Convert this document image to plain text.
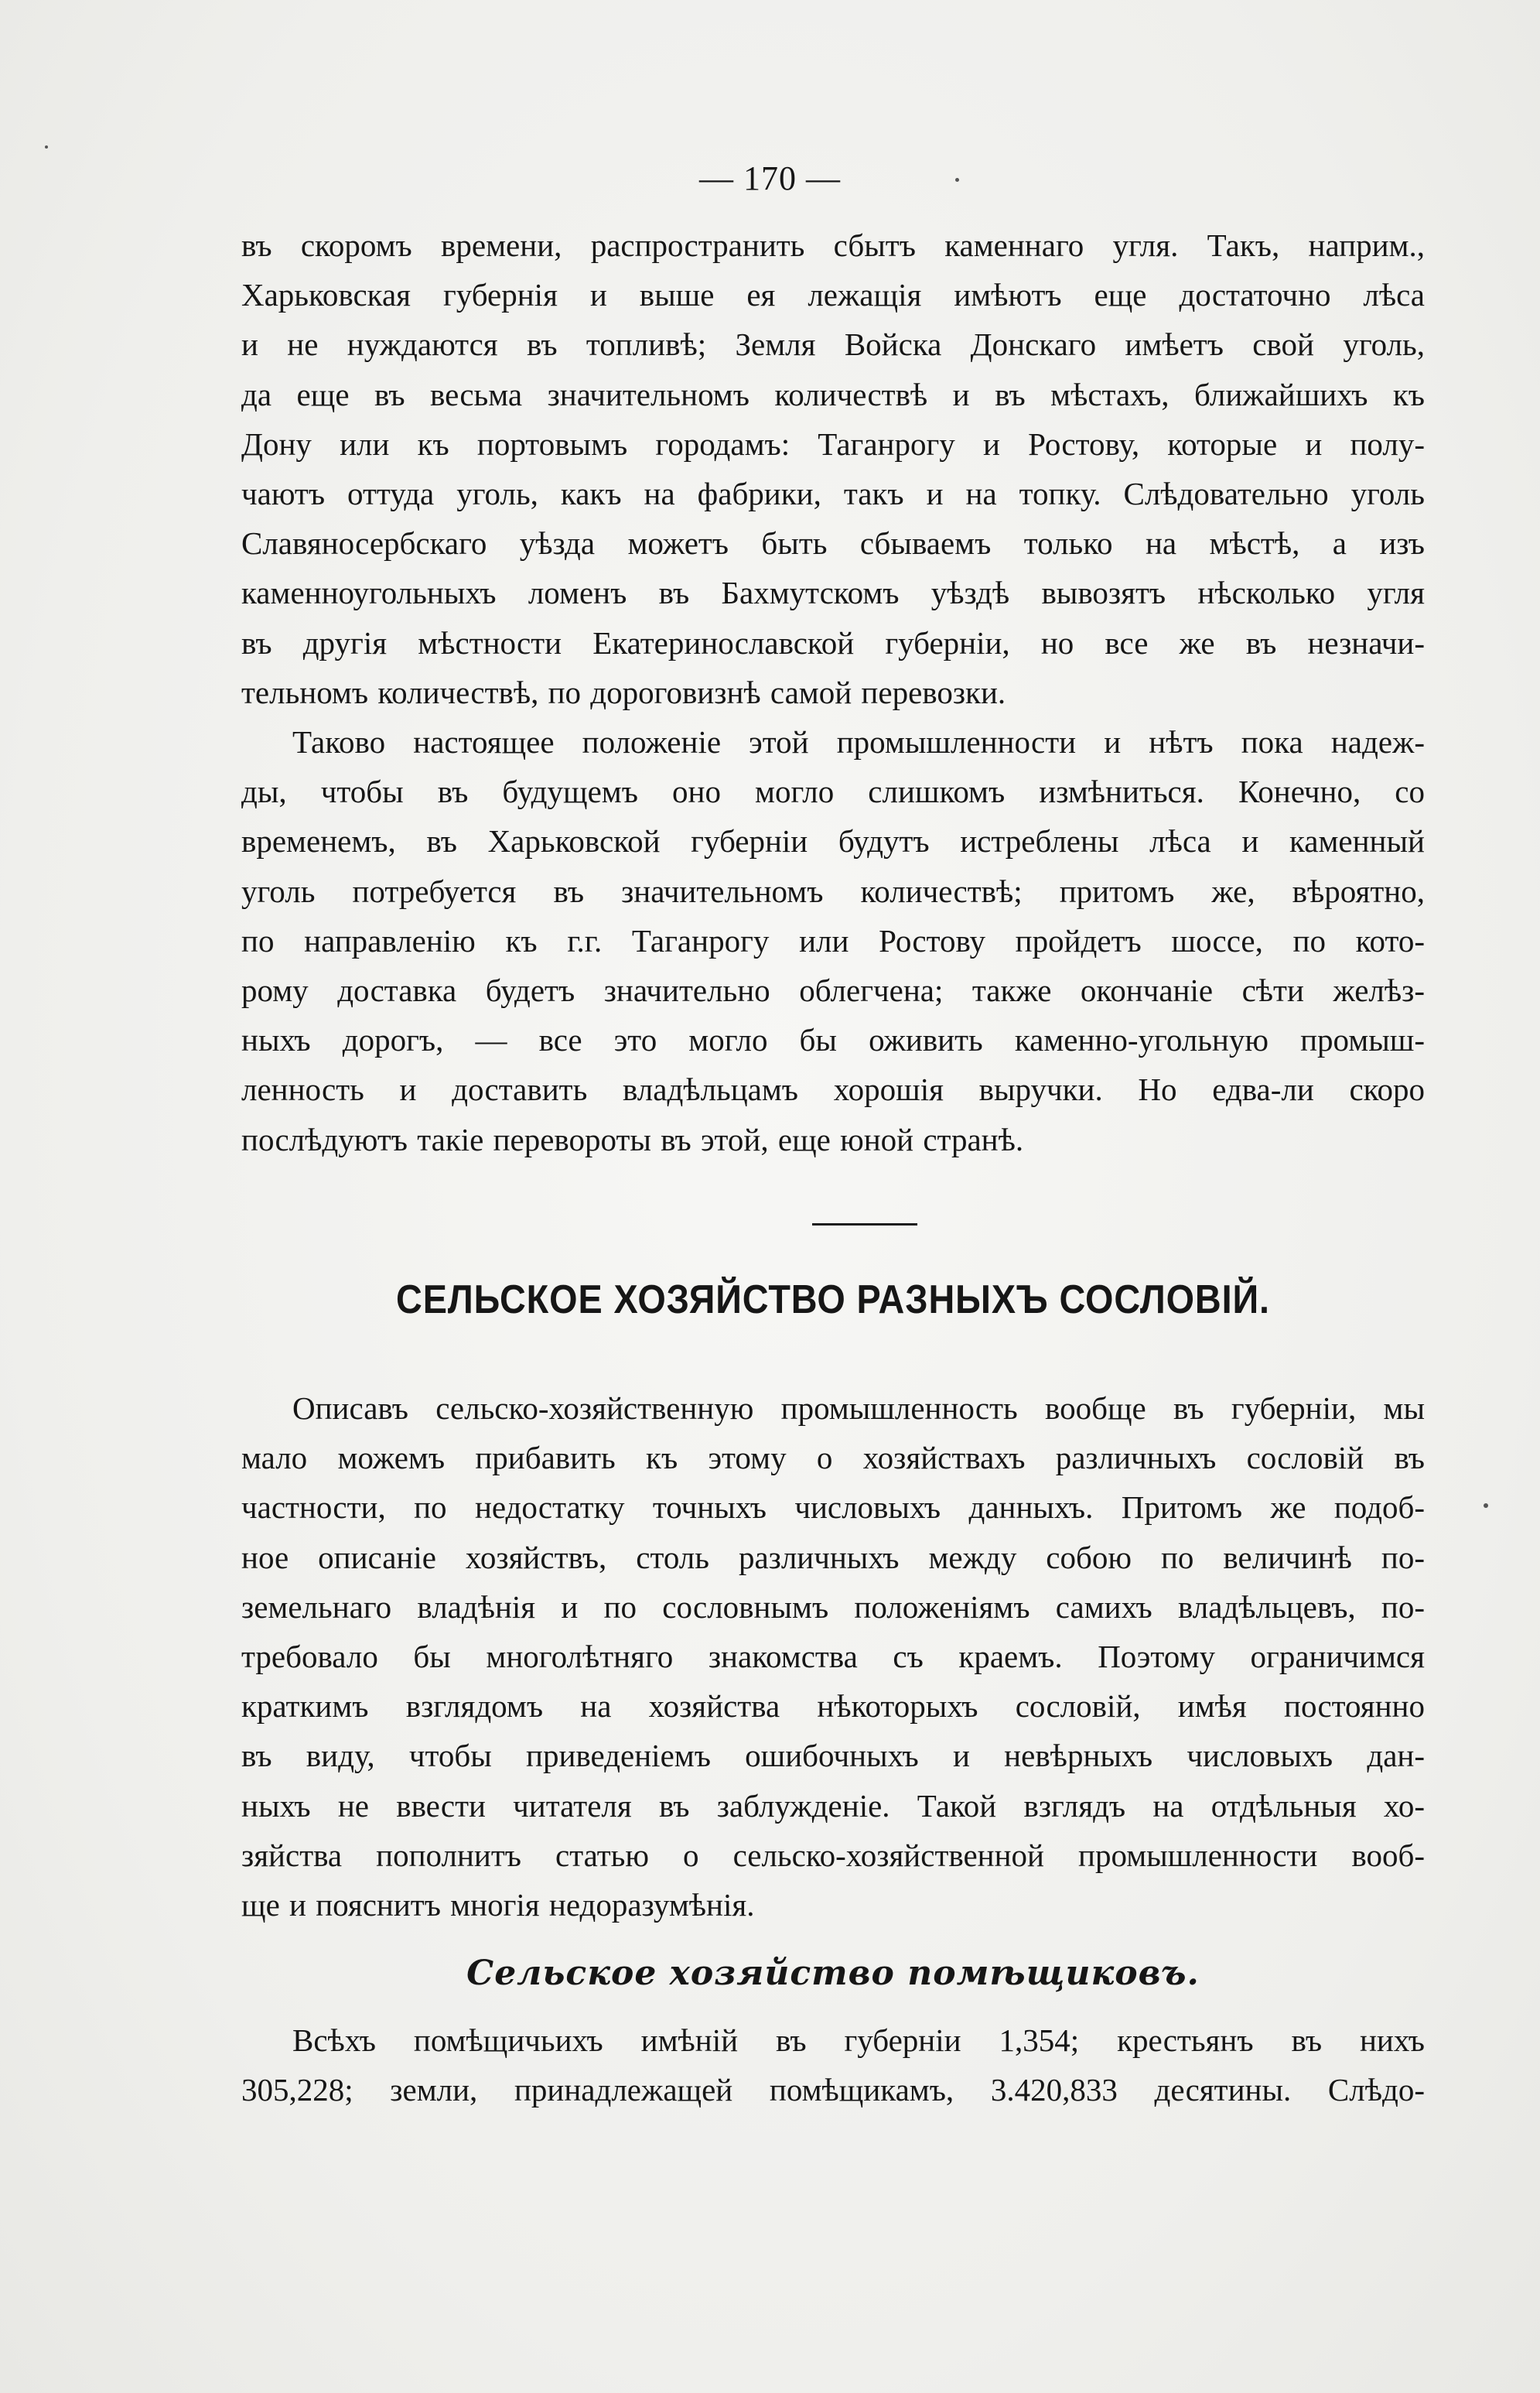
— 170 —

въ скоромъ времени, распространить сбытъ каменнаго угля. Такъ, наприм.,

Харьковская губернія и выше ея лежащія имѣютъ еще достаточно лѣса

и не нуждаются въ топливѣ; Земля Войска Донскаго имѣетъ свой уголь,

да еще въ весьма значительномъ количествѣ и въ мѣстахъ, ближайшихъ къ

Дону или къ портовымъ городамъ: Таганрогу и Ростову, которые и полу-

чаютъ оттуда уголь, какъ на фабрики, такъ и на топку. Слѣдовательно уголь

Славяносербскаго уѣзда можетъ быть сбываемъ только на мѣстѣ, а изъ

каменноугольныхъ ломенъ въ Бахмутскомъ уѣздѣ вывозятъ нѣсколько угля

въ другія мѣстности Екатеринославской губерніи, но все же въ незначи-

тельномъ количествѣ, по дороговизнѣ самой перевозки.

Таково настоящее положеніе этой промышленности и нѣтъ пока надеж-

ды, чтобы въ будущемъ оно могло слишкомъ измѣниться. Конечно, со

временемъ, въ Харьковской губерніи будутъ истреблены лѣса и каменный

уголь потребуется въ значительномъ количествѣ; притомъ же, вѣроятно,

по направленію къ г.г. Таганрогу или Ростову пройдетъ шоссе, по кото-

рому доставка будетъ значительно облегчена; также окончаніе сѣти желѣз-

ныхъ дорогъ, — все это могло бы оживить каменно-угольную промыш-

ленность и доставить владѣльцамъ хорошія выручки. Но едва-ли скоро

послѣдуютъ такіе перевороты въ этой, еще юной странѣ.

СЕЛЬСКОЕ ХОЗЯЙСТВО РАЗНЫХЪ СОСЛОВІЙ.

Описавъ сельско-хозяйственную промышленность вообще въ губерніи, мы

мало можемъ прибавить къ этому о хозяйствахъ различныхъ сословій въ

частности, по недостатку точныхъ числовыхъ данныхъ. Притомъ же подоб-

ное описаніе хозяйствъ, столь различныхъ между собою по величинѣ по-

земельнаго владѣнія и по сословнымъ положеніямъ самихъ владѣльцевъ, по-

требовало бы многолѣтняго знакомства съ краемъ. Поэтому ограничимся

краткимъ взглядомъ на хозяйства нѣкоторыхъ сословій, имѣя постоянно

въ виду, чтобы приведеніемъ ошибочныхъ и невѣрныхъ числовыхъ дан-

ныхъ не ввести читателя въ заблужденіе. Такой взглядъ на отдѣльныя хо-

зяйства пополнитъ статью о сельско-хозяйственной промышленности вооб-

ще и пояснитъ многія недоразумѣнія.

Сельское хозяйство помѣщиковъ.

Всѣхъ помѣщичьихъ имѣній въ губерніи 1,354; крестьянъ въ нихъ

305,228; земли, принадлежащей помѣщикамъ, 3.420,833 десятины. Слѣдо-
